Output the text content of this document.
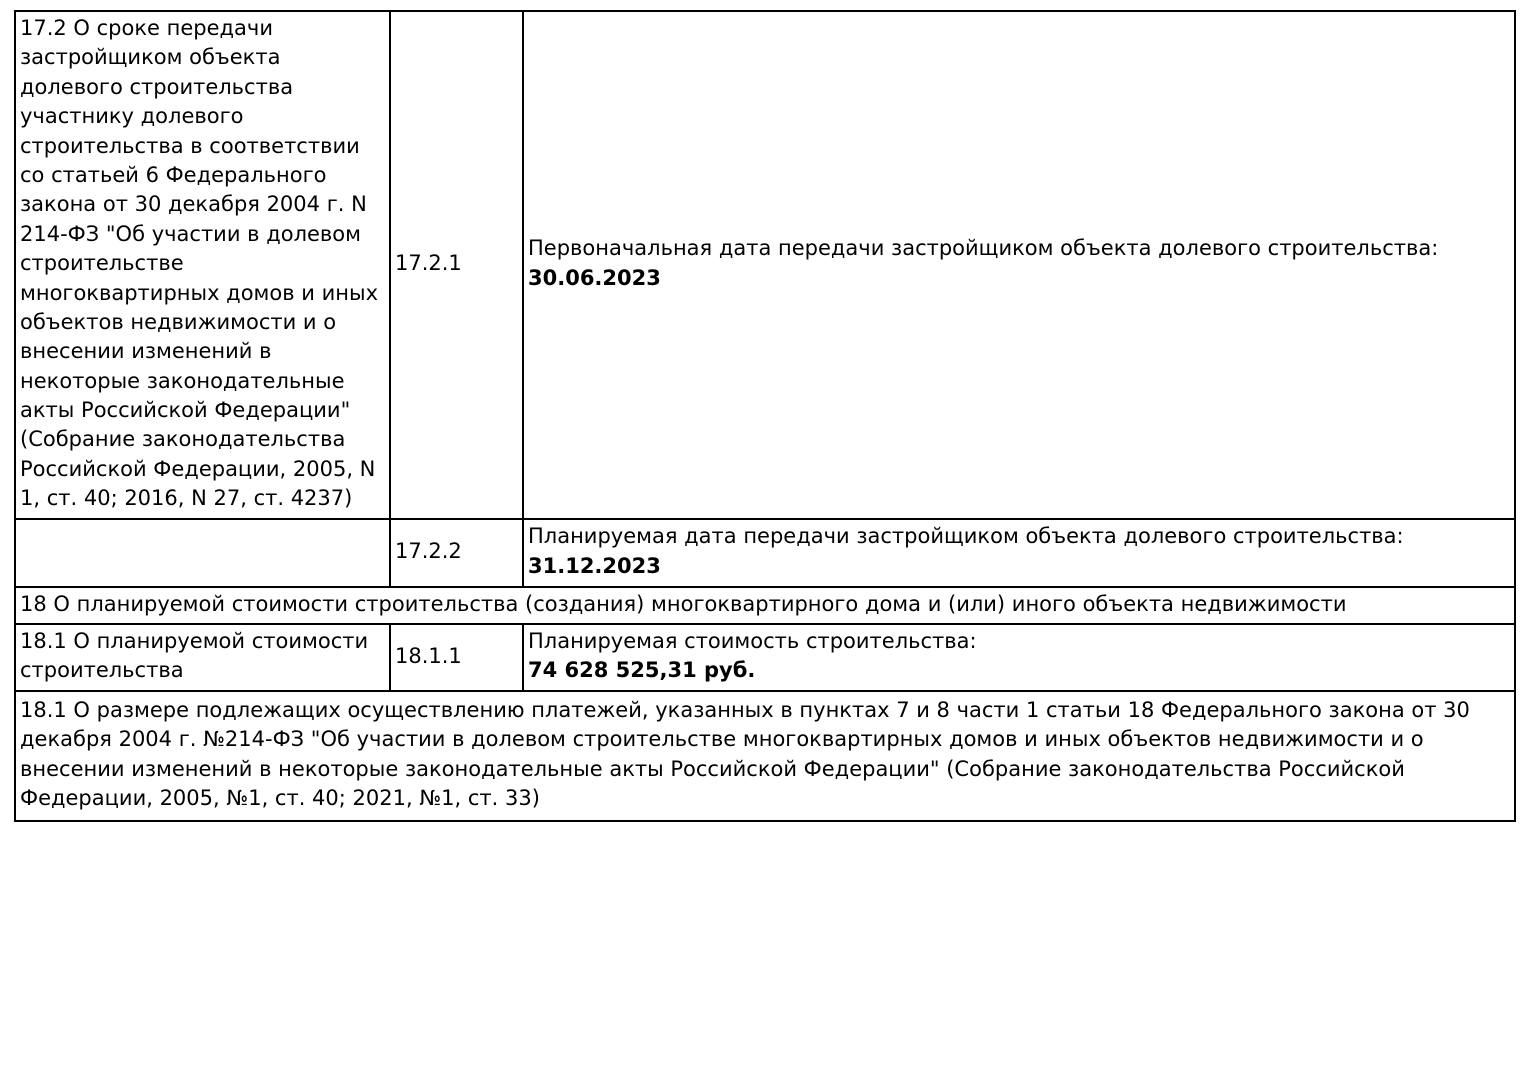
17.2 О сроке передачи застройщиком объекта долевого строительства участнику долевого строительства в соответствии со статьей 6 Федерального закона от 30 декабря 2004 г. N 214-ФЗ "Об участии в долевом строительстве многоквартирных домов и иных объектов недвижимости и о внесении изменений в некоторые законодательные акты Российской Федерации" (Собрание законодательства Российской Федерации, 2005, N 1, ст. 40; 2016, N 27, ст. 4237)	17.2.1	Первоначальная дата передачи застройщиком объекта долевого строительства:
30.06.2023

	17.2.2	Планируемая дата передачи застройщиком объекта долевого строительства:
31.12.2023

18 О планируемой стоимости строительства (создания) многоквартирного дома и (или) иного объекта недвижимости		
18.1 О планируемой стоимости строительства	18.1.1	Планируемая стоимость строительства:
74 628 525,31 руб.

18.1 О размере подлежащих осуществлению платежей, указанных в пунктах 7 и 8 части 1 статьи 18 Федерального закона от 30 декабря 2004 г. №214-ФЗ "Об участии в долевом строительстве многоквартирных домов и иных объектов недвижимости и о внесении изменений в некоторые законодательные акты Российской Федерации" (Собрание законодательства Российской Федерации, 2005, №1, ст. 40; 2021, №1, ст. 33)		
